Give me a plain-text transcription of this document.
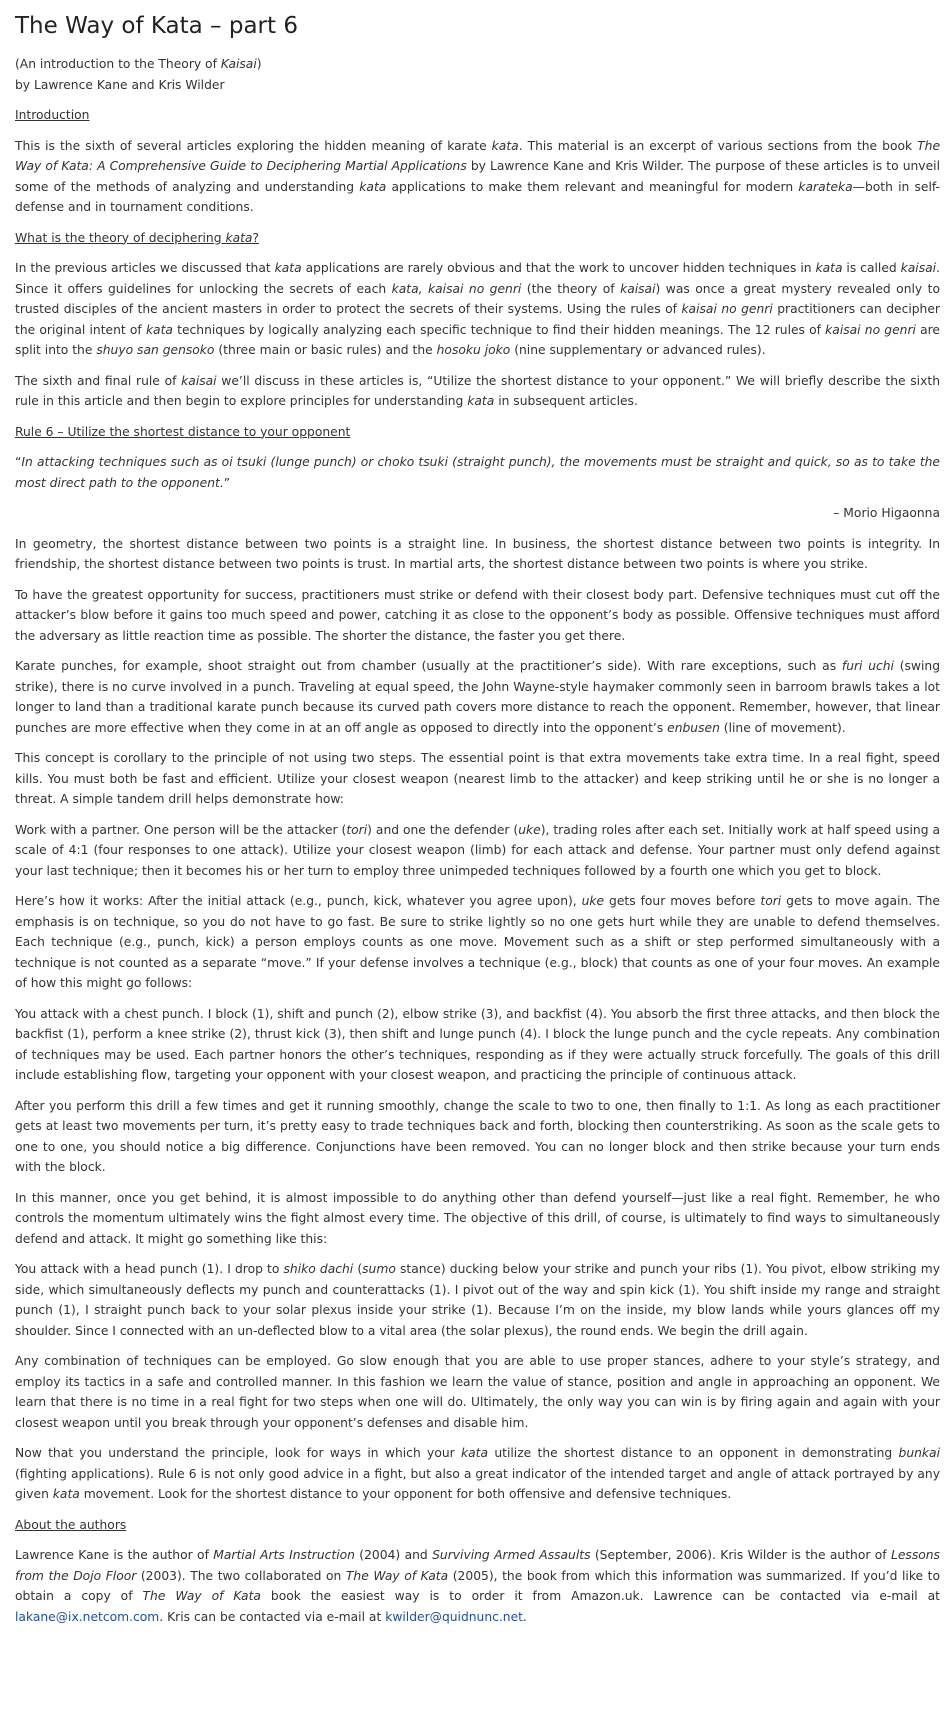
The Way of Kata – part 6
(An introduction to the Theory of Kaisai)
by Lawrence Kane and Kris Wilder
Introduction

This is the sixth of several articles exploring the hidden meaning of karate kata. This material is an excerpt of various sections from the book The Way of Kata: A Comprehensive Guide to Deciphering Martial Applications by Lawrence Kane and Kris Wilder. The purpose of these articles is to unveil some of the methods of analyzing and understanding kata applications to make them relevant and meaningful for modern karateka—both in self-defense and in tournament conditions.

What is the theory of deciphering kata?

In the previous articles we discussed that kata applications are rarely obvious and that the work to uncover hidden techniques in kata is called kaisai. Since it offers guidelines for unlocking the secrets of each kata, kaisai no genri (the theory of kaisai) was once a great mystery revealed only to trusted disciples of the ancient masters in order to protect the secrets of their systems. Using the rules of kaisai no genri practitioners can decipher the original intent of kata techniques by logically analyzing each specific technique to find their hidden meanings. The 12 rules of kaisai no genri are split into the shuyo san gensoko (three main or basic rules) and the hosoku joko (nine supplementary or advanced rules).

The sixth and final rule of kaisai we’ll discuss in these articles is, “Utilize the shortest distance to your opponent.” We will briefly describe the sixth rule in this article and then begin to explore principles for understanding kata in subsequent articles.

Rule 6 – Utilize the shortest distance to your opponent

“In attacking techniques such as oi tsuki (lunge punch) or choko tsuki (straight punch), the movements must be straight and quick, so as to take the most direct path to the opponent.”

– Morio Higaonna

In geometry, the shortest distance between two points is a straight line. In business, the shortest distance between two points is integrity. In friendship, the shortest distance between two points is trust. In martial arts, the shortest distance between two points is where you strike.

To have the greatest opportunity for success, practitioners must strike or defend with their closest body part. Defensive techniques must cut off the attacker’s blow before it gains too much speed and power, catching it as close to the opponent’s body as possible. Offensive techniques must afford the adversary as little reaction time as possible. The shorter the distance, the faster you get there.

Karate punches, for example, shoot straight out from chamber (usually at the practitioner’s side). With rare exceptions, such as furi uchi (swing strike), there is no curve involved in a punch. Traveling at equal speed, the John Wayne-style haymaker commonly seen in barroom brawls takes a lot longer to land than a traditional karate punch because its curved path covers more distance to reach the opponent. Remember, however, that linear punches are more effective when they come in at an off angle as opposed to directly into the opponent’s enbusen (line of movement).

This concept is corollary to the principle of not using two steps. The essential point is that extra movements take extra time. In a real fight, speed kills. You must both be fast and efficient. Utilize your closest weapon (nearest limb to the attacker) and keep striking until he or she is no longer a threat. A simple tandem drill helps demonstrate how:

Work with a partner. One person will be the attacker (tori) and one the defender (uke), trading roles after each set. Initially work at half speed using a scale of 4:1 (four responses to one attack). Utilize your closest weapon (limb) for each attack and defense. Your partner must only defend against your last technique; then it becomes his or her turn to employ three unimpeded techniques followed by a fourth one which you get to block.

Here’s how it works: After the initial attack (e.g., punch, kick, whatever you agree upon), uke gets four moves before tori gets to move again. The emphasis is on technique, so you do not have to go fast. Be sure to strike lightly so no one gets hurt while they are unable to defend themselves. Each technique (e.g., punch, kick) a person employs counts as one move. Movement such as a shift or step performed simultaneously with a technique is not counted as a separate “move.” If your defense involves a technique (e.g., block) that counts as one of your four moves. An example of how this might go follows:

You attack with a chest punch. I block (1), shift and punch (2), elbow strike (3), and backfist (4). You absorb the first three attacks, and then block the backfist (1), perform a knee strike (2), thrust kick (3), then shift and lunge punch (4). I block the lunge punch and the cycle repeats. Any combination of techniques may be used. Each partner honors the other’s techniques, responding as if they were actually struck forcefully. The goals of this drill include establishing flow, targeting your opponent with your closest weapon, and practicing the principle of continuous attack.

After you perform this drill a few times and get it running smoothly, change the scale to two to one, then finally to 1:1. As long as each practitioner gets at least two movements per turn, it’s pretty easy to trade techniques back and forth, blocking then counterstriking. As soon as the scale gets to one to one, you should notice a big difference. Conjunctions have been removed. You can no longer block and then strike because your turn ends with the block.

In this manner, once you get behind, it is almost impossible to do anything other than defend yourself—just like a real fight. Remember, he who controls the momentum ultimately wins the fight almost every time. The objective of this drill, of course, is ultimately to find ways to simultaneously defend and attack. It might go something like this:

You attack with a head punch (1). I drop to shiko dachi (sumo stance) ducking below your strike and punch your ribs (1). You pivot, elbow striking my side, which simultaneously deflects my punch and counterattacks (1). I pivot out of the way and spin kick (1). You shift inside my range and straight punch (1), I straight punch back to your solar plexus inside your strike (1). Because I’m on the inside, my blow lands while yours glances off my shoulder. Since I connected with an un-deflected blow to a vital area (the solar plexus), the round ends. We begin the drill again.

Any combination of techniques can be employed. Go slow enough that you are able to use proper stances, adhere to your style’s strategy, and employ its tactics in a safe and controlled manner. In this fashion we learn the value of stance, position and angle in approaching an opponent. We learn that there is no time in a real fight for two steps when one will do. Ultimately, the only way you can win is by firing again and again with your closest weapon until you break through your opponent’s defenses and disable him.

Now that you understand the principle, look for ways in which your kata utilize the shortest distance to an opponent in demonstrating bunkai (fighting applications). Rule 6 is not only good advice in a fight, but also a great indicator of the intended target and angle of attack portrayed by any given kata movement. Look for the shortest distance to your opponent for both offensive and defensive techniques.

About the authors

Lawrence Kane is the author of Martial Arts Instruction (2004) and Surviving Armed Assaults (September, 2006). Kris Wilder is the author of Lessons from the Dojo Floor (2003). The two collaborated on The Way of Kata (2005), the book from which this information was summarized. If you’d like to obtain a copy of The Way of Kata book the easiest way is to order it from Amazon.uk. Lawrence can be contacted via e-mail at lakane@ix.netcom.com. Kris can be contacted via e-mail at kwilder@quidnunc.net.
